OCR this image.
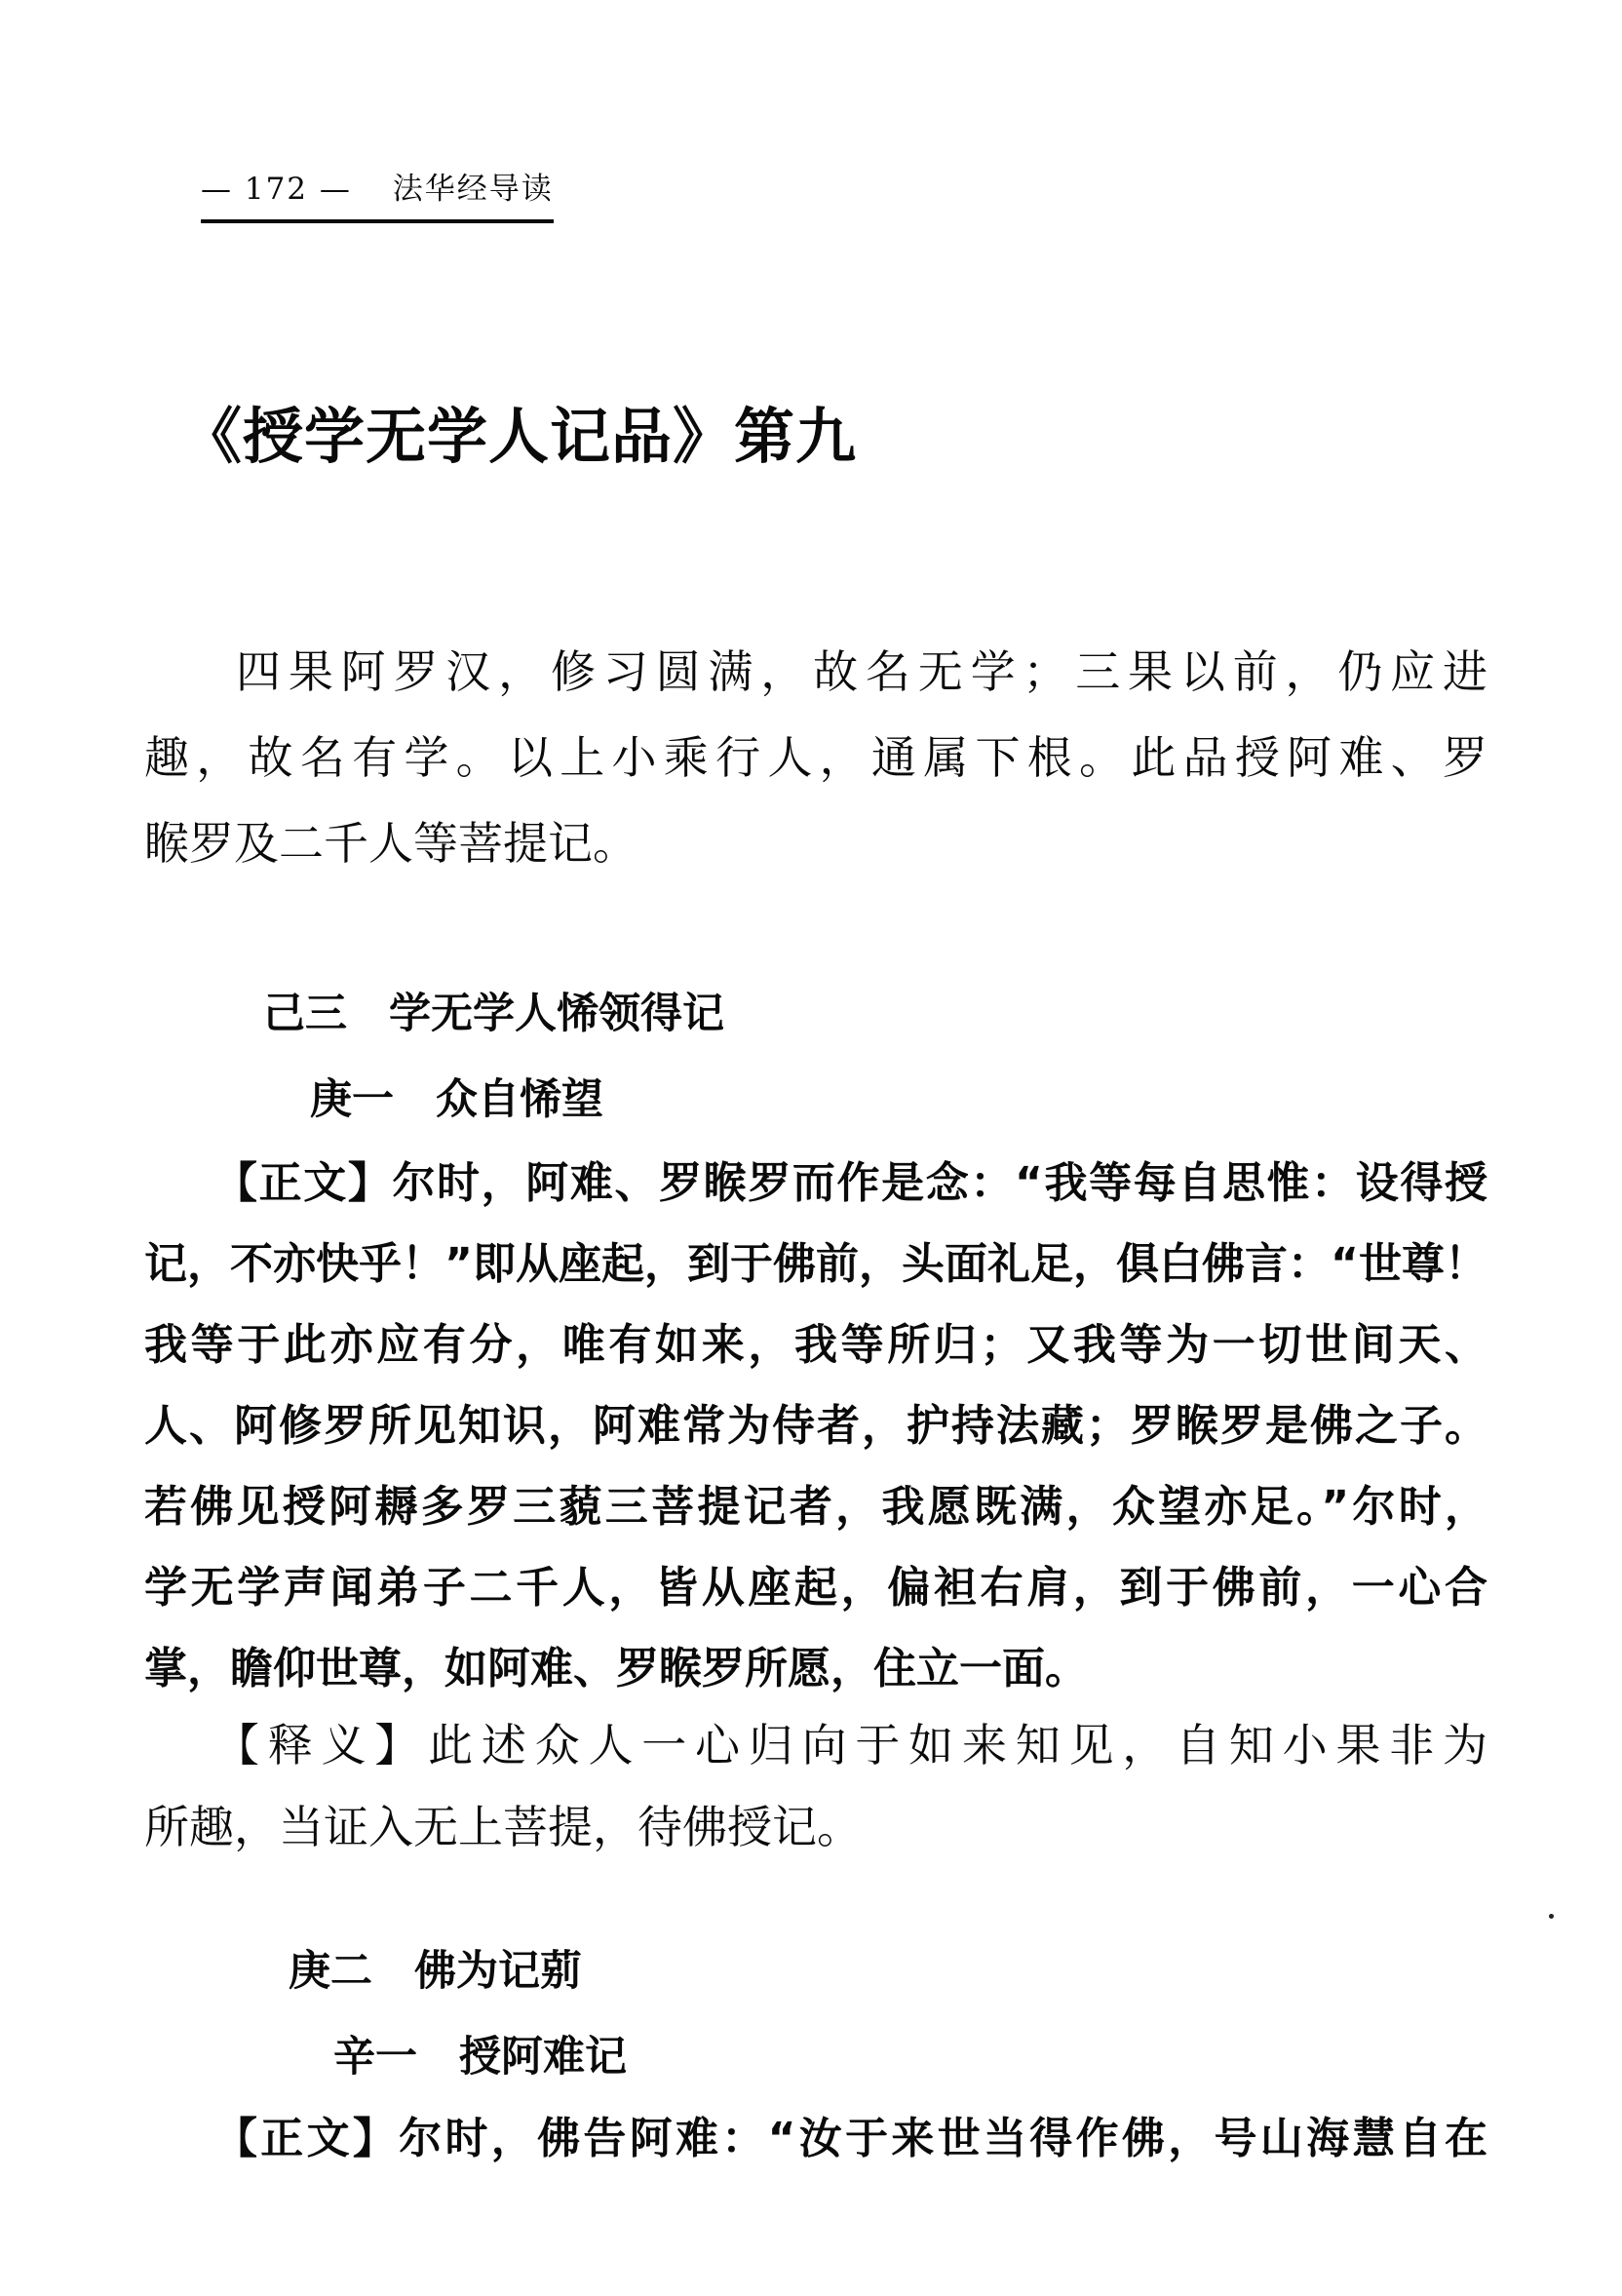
— 172 — 法华经导读
《授学无学人记品》第九
四果阿罗汉，修习圆满，故名无学；三果以前，仍应进
趣，故名有学。以上小乘行人，通属下根。此品授阿难、罗
睺罗及二千人等菩提记。
己三　学无学人悕领得记
庚一　众自悕望
【正文】尔时，阿难、罗睺罗而作是念：“我等每自思惟：设得授
记，不亦快乎！”即从座起，到于佛前，头面礼足，俱白佛言：“世尊！
我等于此亦应有分，唯有如来，我等所归；又我等为一切世间天、
人、阿修罗所见知识，阿难常为侍者，护持法藏；罗睺罗是佛之子。
若佛见授阿耨多罗三藐三菩提记者，我愿既满，众望亦足。”尔时，
学无学声闻弟子二千人，皆从座起，偏袒右肩，到于佛前，一心合
掌，瞻仰世尊，如阿难、罗睺罗所愿，住立一面。
【释义】此述众人一心归向于如来知见，自知小果非为
所趣，当证入无上菩提，待佛授记。
庚二　佛为记莂
辛一　授阿难记
【正文】尔时，佛告阿难：“汝于来世当得作佛，号山海慧自在
